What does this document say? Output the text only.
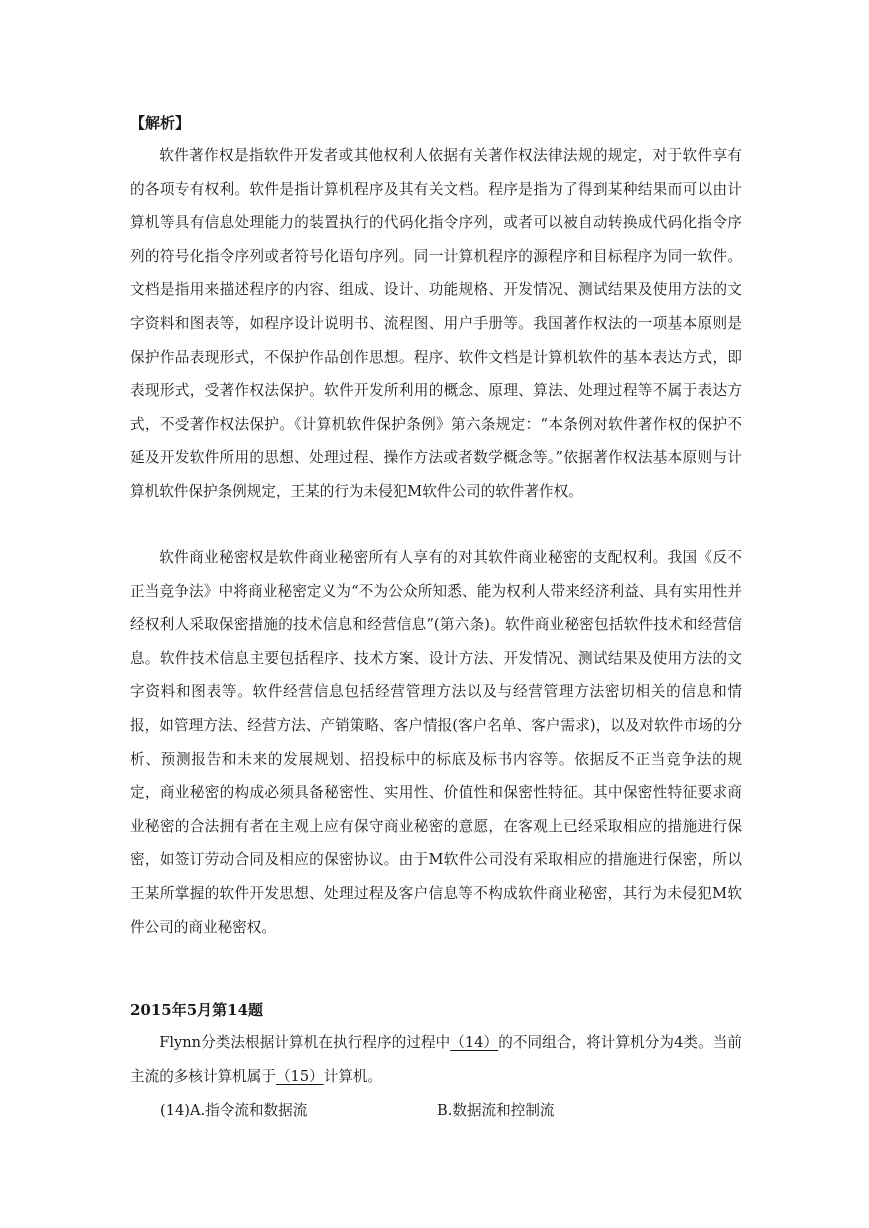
【解析】

软件著作权是指软件开发者或其他权利人依据有关著作权法律法规的规定，对于软件享有的各项专有权利。软件是指计算机程序及其有关文档。程序是指为了得到某种结果而可以由计算机等具有信息处理能力的装置执行的代码化指令序列，或者可以被自动转换成代码化指令序列的符号化指令序列或者符号化语句序列。同一计算机程序的源程序和目标程序为同一软件。文档是指用来描述程序的内容、组成、设计、功能规格、开发情况、测试结果及使用方法的文字资料和图表等，如程序设计说明书、流程图、用户手册等。我国著作权法的一项基本原则是保护作品表现形式，不保护作品创作思想。程序、软件文档是计算机软件的基本表达方式，即表现形式，受著作权法保护。软件开发所利用的概念、原理、算法、处理过程等不属于表达方式，不受著作权法保护。《计算机软件保护条例》第六条规定：“本条例对软件著作权的保护不延及开发软件所用的思想、处理过程、操作方法或者数学概念等。”依据著作权法基本原则与计算机软件保护条例规定，王某的行为未侵犯M软件公司的软件著作权。

软件商业秘密权是软件商业秘密所有人享有的对其软件商业秘密的支配权利。我国《反不正当竞争法》中将商业秘密定义为“不为公众所知悉、能为权利人带来经济利益、具有实用性并经权利人采取保密措施的技术信息和经营信息”(第六条)。软件商业秘密包括软件技术和经营信息。软件技术信息主要包括程序、技术方案、设计方法、开发情况、测试结果及使用方法的文字资料和图表等。软件经营信息包括经营管理方法以及与经营管理方法密切相关的信息和情报，如管理方法、经营方法、产销策略、客户情报(客户名单、客户需求)，以及对软件市场的分析、预测报告和未来的发展规划、招投标中的标底及标书内容等。依据反不正当竞争法的规定，商业秘密的构成必须具备秘密性、实用性、价值性和保密性特征。其中保密性特征要求商业秘密的合法拥有者在主观上应有保守商业秘密的意愿，在客观上已经采取相应的措施进行保密，如签订劳动合同及相应的保密协议。由于M软件公司没有采取相应的措施进行保密，所以王某所掌握的软件开发思想、处理过程及客户信息等不构成软件商业秘密，其行为未侵犯M软件公司的商业秘密权。

2015年5月第14题

Flynn分类法根据计算机在执行程序的过程中（14）的不同组合，将计算机分为4类。当前主流的多核计算机属于（15）计算机。

(14)A.指令流和数据流	B.数据流和控制流
